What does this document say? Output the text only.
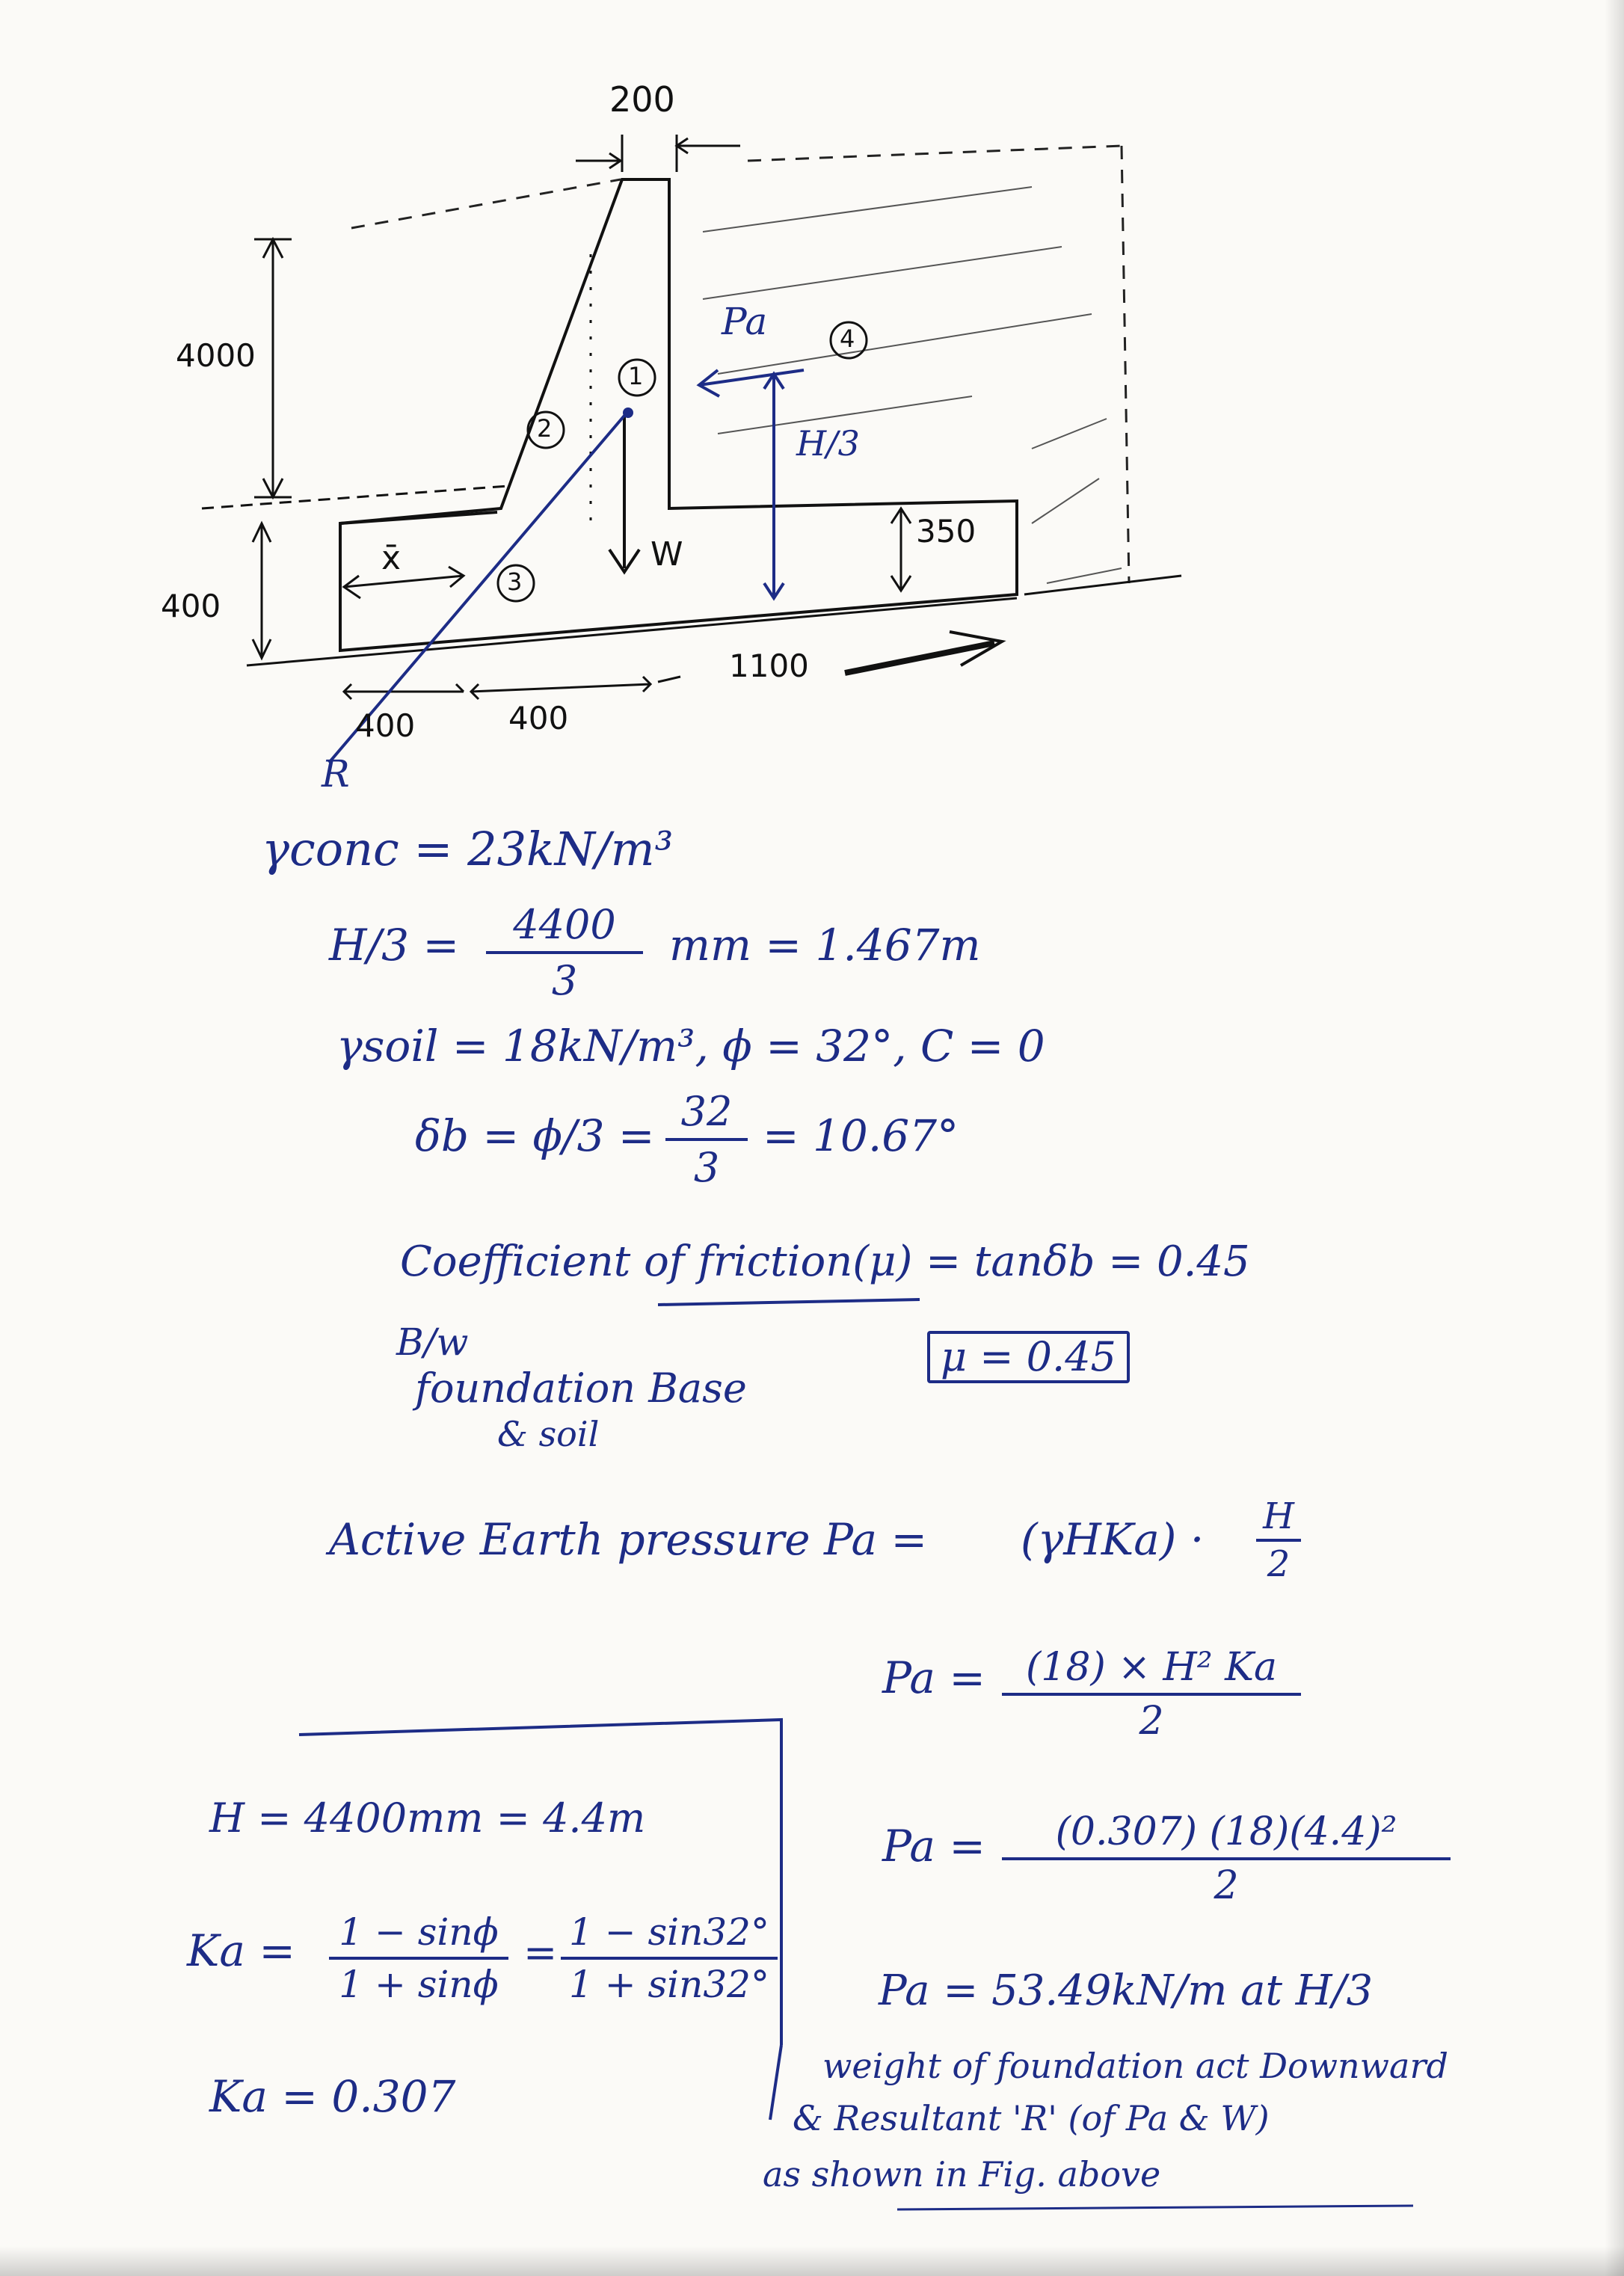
200
4000
400
350
400	400
1100
x̄
Pa
H/3
W
R
1
2
3
4
γconc = 23kN/m³
H/3 =	4400
3
mm = 1.467m
γsoil = 18kN/m³, ϕ = 32°, C = 0
δb = ϕ/3 = 32
3
= 10.67°
Coefficient of friction(μ) = tanδb = 0.45
B/w
foundation Base
& soil
μ = 0.45
Active Earth pressure Pa = (γHKa) · H
2
H = 4400mm = 4.4m
Ka = 1 − sinϕ
1 + sinϕ
= 1 − sin32°
1 + sin32°
Ka = 0.307
Pa =	(18) × H² Ka
2
Pa =	(0.307) (18)(4.4)²
2
Pa = 53.49kN/m at H/3
weight of foundation act Downward
& Resultant 'R' (of Pa & W)
as shown in Fig. above
